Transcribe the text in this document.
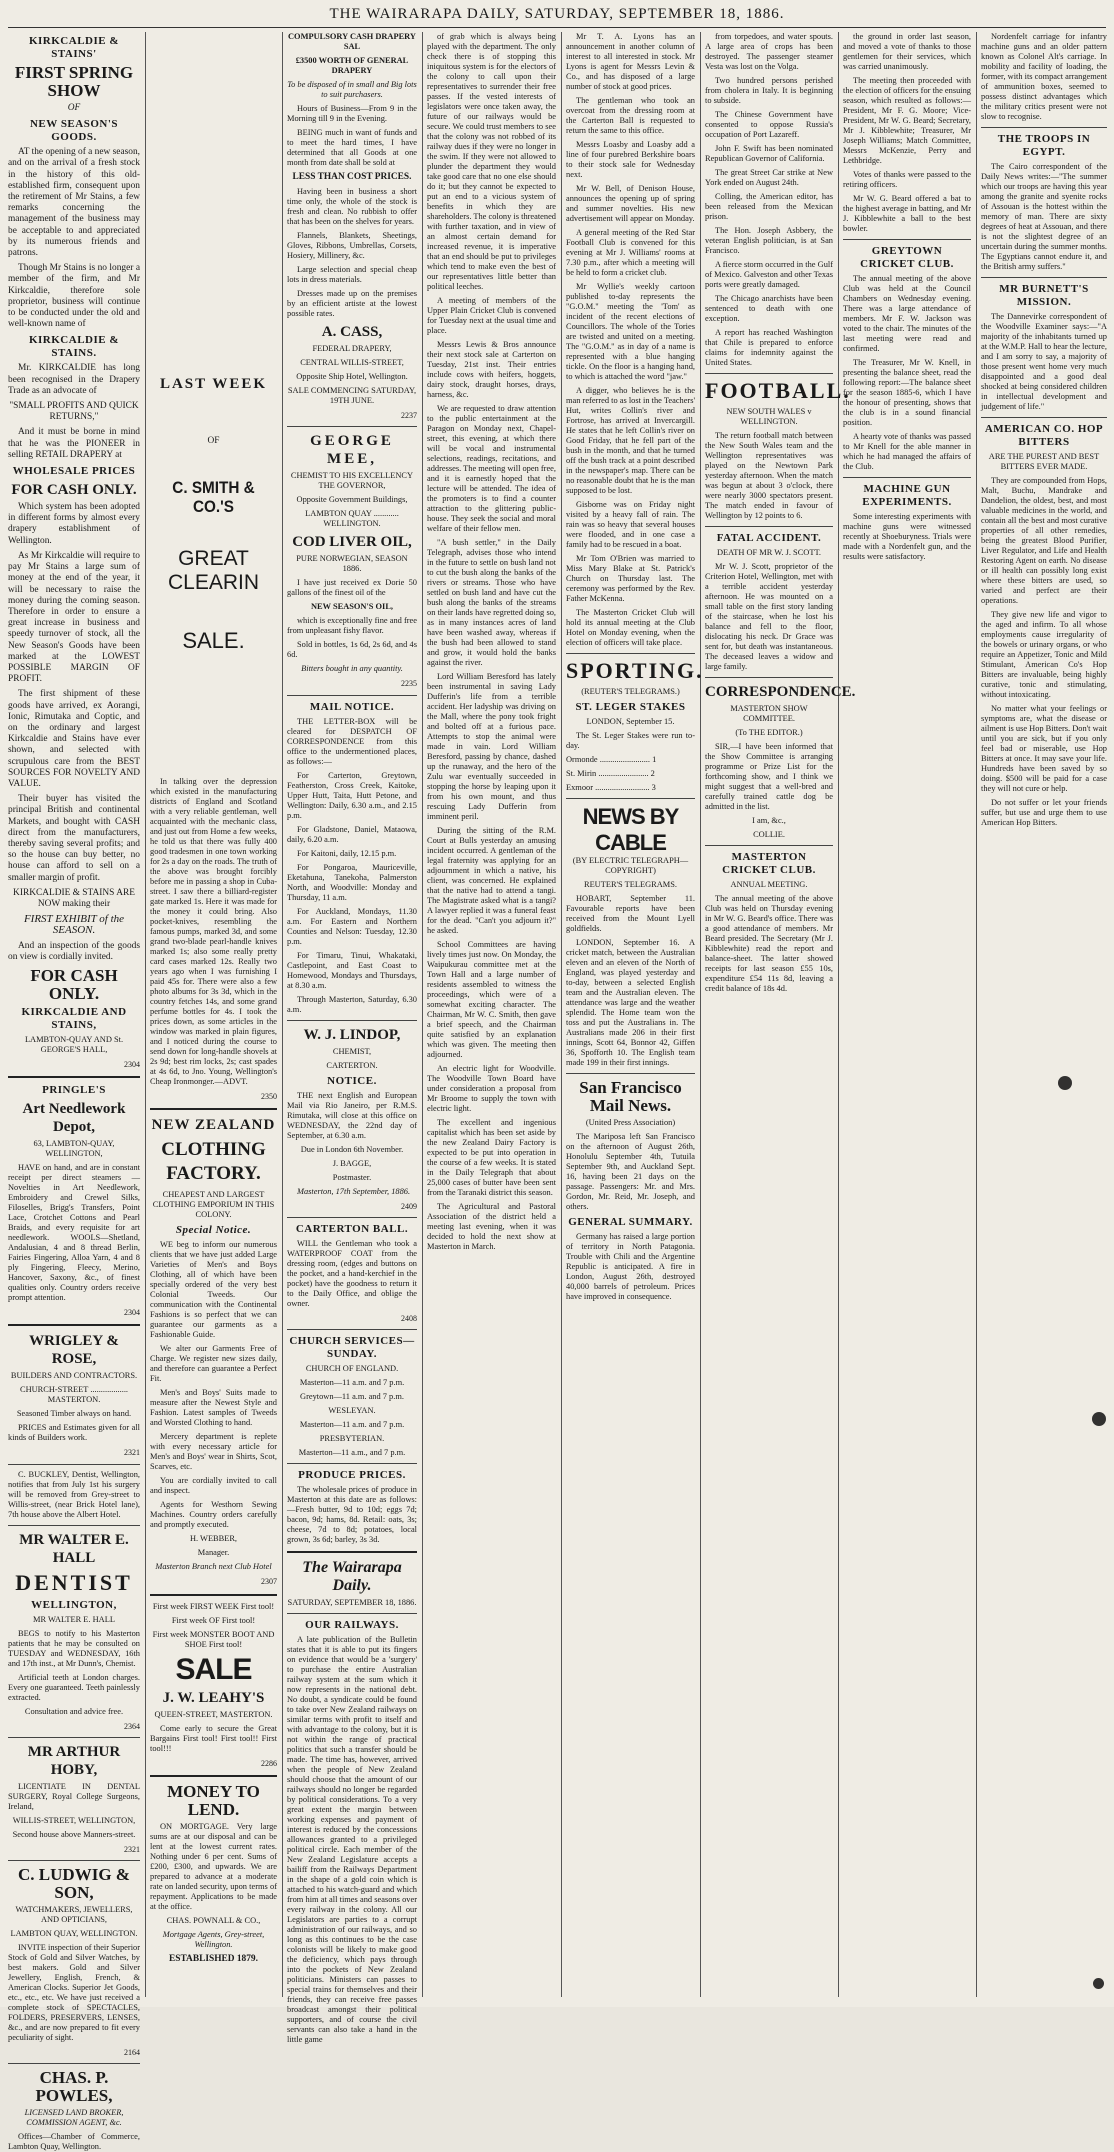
THE WAIRARAPA DAILY, SATURDAY, SEPTEMBER 18, 1886.
KIRKCALDIE & STAINS'
FIRST SPRING SHOW

OF

NEW SEASON'S GOODS.

AT the opening of a new season, and on the arrival of a fresh stock in the history of this old-established firm, consequent upon the retirement of Mr Stains, a few remarks concerning the management of the business may be acceptable to and appreciated by its numerous friends and patrons.

Though Mr Stains is no longer a member of the firm, and Mr Kirkcaldie, therefore sole proprietor, business will continue to be conducted under the old and well-known name of

KIRKCALDIE & STAINS.

Mr. KIRKCALDIE has long been recognised in the Drapery Trade as an advocate of

"SMALL PROFITS AND QUICK RETURNS,"

And it must be borne in mind that he was the PIONEER in selling RETAIL DRAPERY at

WHOLESALE PRICES
FOR CASH ONLY.

Which system has been adopted in different forms by almost every drapery establishment of Wellington.

As Mr Kirkcaldie will require to pay Mr Stains a large sum of money at the end of the year, it will be necessary to raise the money during the coming season. Therefore in order to ensure a great increase in business and speedy turnover of stock, all the New Season's Goods have been marked at the LOWEST POSSIBLE MARGIN OF PROFIT.

The first shipment of these goods have arrived, ex Aorangi, Ionic, Rimutaka and Coptic, and on the ordinary and largest Kirkcaldie and Stains have ever shown, and selected with scrupulous care from the BEST SOURCES FOR NOVELTY AND VALUE.

Their buyer has visited the principal British and continental Markets, and bought with CASH direct from the manufacturers, thereby saving several profits; and so the house can buy better, no house can afford to sell on a smaller margin of profit.

KIRKCALDIE & STAINS ARE NOW making their

FIRST EXHIBIT of the SEASON.

And an inspection of the goods on view is cordially invited.

FOR CASH ONLY.
KIRKCALDIE AND STAINS,

LAMBTON-QUAY AND St. GEORGE'S HALL,

2304
PRINGLE'S
Art Needlework Depot,

63, LAMBTON-QUAY, WELLINGTON,

HAVE on hand, and are in constant receipt per direct steamers — Novelties in Art Needlework, Embroidery and Crewel Silks, Filoselles, Brigg's Transfers, Point Lace, Crotchet Cottons and Pearl Braids, and every requisite for art needlework. WOOLS—Shetland, Andalusian, 4 and 8 thread Berlin, Fairies Fingering, Alloa Yarn, 4 and 8 ply Fingering, Fleecy, Merino, Hancover, Saxony, &c., of finest qualities only. Country orders receive prompt attention.

2304
WRIGLEY & ROSE,

BUILDERS AND CONTRACTORS.

CHURCH-STREET .................. MASTERTON.

Seasoned Timber always on hand.

PRICES and Estimates given for all kinds of Builders work.

2321

C. BUCKLEY, Dentist, Wellington, notifies that from July 1st his surgery will be removed from Grey-street to Willis-street, (near Brick Hotel lane), 7th house above the Albert Hotel.

MR WALTER E. HALL
DENTIST
WELLINGTON,

MR WALTER E. HALL

BEGS to notify to his Masterton patients that he may be consulted on TUESDAY and WEDNESDAY, 16th and 17th inst., at Mr Dunn's, Chemist.

Artificial teeth at London charges. Every one guaranteed. Teeth painlessly extracted.

Consultation and advice free.

2364
MR ARTHUR HOBY,

LICENTIATE IN DENTAL SURGERY, Royal College Surgeons, Ireland,

WILLIS-STREET, WELLINGTON,

Second house above Manners-street.

2321
C. LUDWIG & SON,

WATCHMAKERS, JEWELLERS, AND OPTICIANS,

LAMBTON QUAY, WELLINGTON.

INVITE inspection of their Superior Stock of Gold and Silver Watches, by best makers. Gold and Silver Jewellery, English, French, & American Clocks. Superior Jet Goods, etc., etc., etc. We have just received a complete stock of SPECTACLES, FOLDERS, PRESERVERS, LENSES, &c., and are now prepared to fit every peculiarity of sight.

2164
CHAS. P. POWLES,

LICENSED LAND BROKER, COMMISSION AGENT, &c.

Offices—Chamber of Commerce, Lambton Quay, Wellington.

LAST WEEK

OF

C. SMITH & CO.'S
GREAT CLEARIN
SALE.

In talking over the depression which existed in the manufacturing districts of England and Scotland with a very reliable gentleman, well acquainted with the mechanic class, and just out from Home a few weeks, he told us that there was fully 400 good tradesmen in one town working for 2s a day on the roads. The truth of the above was brought forcibly before me in passing a shop in Cuba-street. I saw there a billiard-register gate marked 1s. Here it was made for the money it could bring. Also pocket-knives, resembling the famous pumps, marked 3d, and some grand two-blade pearl-handle knives marked 1s; also some really pretty card cases marked 12s. Really two years ago when I was furnishing I paid 45s for. There were also a few photo albums for 3s 3d, which in the country fetches 14s, and some grand perfume bottles for 4s. I took the prices down, as some articles in the window was marked in plain figures, and I noticed during the course to send down for long-handle shovels at 2s 9d; best rim locks, 2s; cast spades at 4s 6d, to Jno. Young, Wellington's Cheap Ironmonger.—ADVT.

2350
NEW ZEALAND
CLOTHING FACTORY.

CHEAPEST AND LARGEST CLOTHING EMPORIUM IN THIS COLONY.

Special Notice.

WE beg to inform our numerous clients that we have just added Large Varieties of Men's and Boys Clothing, all of which have been specially ordered of the very best Colonial Tweeds. Our communication with the Continental Fashions is so perfect that we can guarantee our garments as a Fashionable Guide.

We alter our Garments Free of Charge. We register new sizes daily, and therefore can guarantee a Perfect Fit.

Men's and Boys' Suits made to measure after the Newest Style and Fashion. Latest samples of Tweeds and Worsted Clothing to hand.

Mercery department is replete with every necessary article for Men's and Boys' wear in Shirts, Scot, Scarves, etc.

You are cordially invited to call and inspect.

Agents for Westhorn Sewing Machines. Country orders carefully and promptly executed.

H. WEBBER,

Manager.

Masterton Branch next Club Hotel

2307

First week FIRST WEEK First tool!

First week OF First tool!

First week MONSTER BOOT AND SHOE First tool!

SALE
J. W. LEAHY'S

QUEEN-STREET, MASTERTON.

Come early to secure the Great Bargains First tool! First tool!! First tool!!!

2286
MONEY TO LEND.

ON MORTGAGE. Very large sums are at our disposal and can be lent at the lowest current rates. Nothing under 6 per cent. Sums of £200, £300, and upwards. We are prepared to advance at a moderate rate on landed security, upon terms of repayment. Applications to be made at the office.

CHAS. POWNALL & CO.,

Mortgage Agents, Grey-street, Wellington.

ESTABLISHED 1879.

COMPULSORY CASH DRAPERY SAL

£3500 WORTH OF GENERAL DRAPERY

To be disposed of in small and Big lots to suit purchasers.

Hours of Business—From 9 in the Morning till 9 in the Evening.

BEING much in want of funds and to meet the hard times, I have determined that all Goods at one month from date shall be sold at

LESS THAN COST PRICES.

Having been in business a short time only, the whole of the stock is fresh and clean. No rubbish to offer that has been on the shelves for years.

Flannels, Blankets, Sheetings, Gloves, Ribbons, Umbrellas, Corsets, Hosiery, Millinery, &c.

Large selection and special cheap lots in dress materials.

Dresses made up on the premises by an efficient artiste at the lowest possible rates.

A. CASS,

FEDERAL DRAPERY,

CENTRAL WILLIS-STREET,

Opposite Ship Hotel, Wellington.

SALE COMMENCING SATURDAY, 19TH JUNE.

2237
GEORGE MEE,

CHEMIST TO HIS EXCELLENCY THE GOVERNOR,

Opposite Government Buildings,

LAMBTON QUAY ............ WELLINGTON.

COD LIVER OIL,

PURE NORWEGIAN, SEASON 1886.

I have just received ex Dorie 50 gallons of the finest oil of the

NEW SEASON'S OIL,

which is exceptionally fine and free from unpleasant fishy flavor.

Sold in bottles, 1s 6d, 2s 6d, and 4s 6d.

Bitters bought in any quantity.

2235
MAIL NOTICE.

THE LETTER-BOX will be cleared for DESPATCH OF CORRESPONDENCE from this office to the undermentioned places, as follows:—

For Carterton, Greytown, Featherston, Cross Creek, Kaitoke, Upper Hutt, Taita, Hutt Petone, and Wellington: Daily, 6.30 a.m., and 2.15 p.m.

For Gladstone, Daniel, Mataowa, daily, 6.20 a.m.

For Kaitoni, daily, 12.15 p.m.

For Pongaroa, Mauriceville, Eketahuna, Tanekoha, Palmerston North, and Woodville: Monday and Thursday, 11 a.m.

For Auckland, Mondays, 11.30 a.m. For Eastern and Northern Counties and Nelson: Tuesday, 12.30 p.m.

For Timaru, Tinui, Whakataki, Castlepoint, and East Coast to Homewood, Mondays and Thursdays, at 8.30 a.m.

Through Masterton, Saturday, 6.30 a.m.

W. J. LINDOP,

CHEMIST,

CARTERTON.

NOTICE.

THE next English and European Mail via Rio Janeiro, per R.M.S. Rimutaka, will close at this office on WEDNESDAY, the 22nd day of September, at 6.30 a.m.

Due in London 6th November.

J. BAGGE,

Postmaster.

Masterton, 17th September, 1886.

2409
CARTERTON BALL.

WILL the Gentleman who took a WATERPROOF COAT from the dressing room, (edges and buttons on the pocket, and a hand-kerchief in the pocket) have the goodness to return it to the Daily Office, and oblige the owner.

2408
CHURCH SERVICES—SUNDAY.

CHURCH OF ENGLAND.

Masterton—11 a.m. and 7 p.m.

Greytown—11 a.m. and 7 p.m.

WESLEYAN.

Masterton—11 a.m. and 7 p.m.

PRESBYTERIAN.

Masterton—11 a.m., and 7 p.m.

PRODUCE PRICES.

The wholesale prices of produce in Masterton at this date are as follows:—Fresh butter, 9d to 10d; eggs 7d; bacon, 9d; hams, 8d. Retail: oats, 3s; cheese, 7d to 8d; potatoes, local grown, 3s 6d; barley, 3s 3d.

The Wairarapa Daily.

SATURDAY, SEPTEMBER 18, 1886.

OUR RAILWAYS.

A late publication of the Bulletin states that it is able to put its fingers on evidence that would be a 'surgery' to purchase the entire Australian railway system at the sum which it now represents in the national debt. No doubt, a syndicate could be found to take over New Zealand railways on similar terms with profit to itself and with advantage to the colony, but it is not within the range of practical politics that such a transfer should be made. The time has, however, arrived when the people of New Zealand should choose that the amount of our railways should no longer be regarded by political considerations. To a very great extent the margin between working expenses and payment of interest is reduced by the concessions allowances granted to a privileged political circle. Each member of the New Zealand Legislature accepts a bailiff from the Railways Department in the shape of a gold coin which is attached to his watch-guard and which from him at all times and seasons over every railway in the colony. All our Legislators are parties to a corrupt administration of our railways, and so long as this continues to be the case colonists will be likely to make good the deficiency, which pays through into the pockets of New Zealand politicians. Ministers can passes to special trains for themselves and their friends, they can receive free passes broadcast amongst their political supporters, and of course the civil servants can also take a hand in the little game

of grab which is always being played with the department. The only check there is of stopping this iniquitous system is for the electors of the colony to call upon their representatives to surrender their free passes. If the vested interests of legislators were once taken away, the future of our railways would be secure. We could trust members to see that the colony was not robbed of its railway dues if they were no longer in the swim. If they were not allowed to plunder the department they would take good care that no one else should do it; but they cannot be expected to put an end to a vicious system of benefits in which they are shareholders. The colony is threatened with further taxation, and in view of an almost certain demand for increased revenue, it is imperative that an end should be put to privileges which tend to make even the best of our representatives little better than political leeches.

A meeting of members of the Upper Plain Cricket Club is convened for Tuesday next at the usual time and place.

Messrs Lewis & Bros announce their next stock sale at Carterton on Tuesday, 21st inst. Their entries include cows with heifers, hoggets, dairy stock, draught horses, drays, harness, &c.

We are requested to draw attention to the public entertainment at the Paragon on Monday next, Chapel-street, this evening, at which there will be vocal and instrumental selections, readings, recitations, and addresses. The meeting will open free, and it is earnestly hoped that the lecture will be attended. The idea of the promoters is to find a counter attraction to the glittering public-house. They seek the social and moral welfare of their fellow men.

"A bush settler," in the Daily Telegraph, advises those who intend in the future to settle on bush land not to cut the bush along the banks of the rivers or streams. Those who have settled on bush land and have cut the bush along the banks of the streams on their lands have regretted doing so, as in many instances acres of land have been washed away, whereas if the bush had been allowed to stand and grow, it would hold the banks against the river.

Lord William Beresford has lately been instrumental in saving Lady Dufferin's life from a terrible accident. Her ladyship was driving on the Mall, where the pony took fright and bolted off at a furious pace. Attempts to stop the animal were made in vain. Lord William Beresford, passing by chance, dashed up the runaway, and the hero of the Zulu war eventually succeeded in stopping the horse by leaping upon it from his own mount, and thus rescuing Lady Dufferin from imminent peril.

During the sitting of the R.M. Court at Bulls yesterday an amusing incident occurred. A gentleman of the legal fraternity was applying for an adjournment in which a native, his client, was concerned. He explained that the native had to attend a tangi. The Magistrate asked what is a tangi? A lawyer replied it was a funeral feast for the dead. "Can't you adjourn it?" he asked.

School Committees are having lively times just now. On Monday, the Waipukurau committee met at the Town Hall and a large number of residents assembled to witness the proceedings, which were of a somewhat exciting character. The Chairman, Mr W. C. Smith, then gave a brief speech, and the Chairman quite satisfied by an explanation which was given. The meeting then adjourned.

An electric light for Woodville. The Woodville Town Board have under consideration a proposal from Mr Broome to supply the town with electric light.

The excellent and ingenious capitalist which has been set aside by the new Zealand Dairy Factory is expected to be put into operation in the course of a few weeks. It is stated in the Daily Telegraph that about 25,000 cases of butter have been sent from the Taranaki district this season.

The Agricultural and Pastoral Association of the district held a meeting last evening, when it was decided to hold the next show at Masterton in March.

Mr T. A. Lyons has an announcement in another column of interest to all interested in stock. Mr Lyons is agent for Messrs Levin & Co., and has disposed of a large number of stock at good prices.

The gentleman who took an overcoat from the dressing room at the Carterton Ball is requested to return the same to this office.

Messrs Loasby and Loasby add a line of four purebred Berkshire boars to their stock sale for Wednesday next.

Mr W. Bell, of Denison House, announces the opening up of spring and summer novelties. His new advertisement will appear on Monday.

A general meeting of the Red Star Football Club is convened for this evening at Mr J. Williams' rooms at 7.30 p.m., after which a meeting will be held to form a cricket club.

Mr Wyllie's weekly cartoon published to-day represents the "G.O.M." meeting the 'Tom' as incident of the recent elections of Councillors. The whole of the Tories are twisted and united on a meeting. The "G.O.M." as in day of a name is represented with a blue hanging tickle. On the floor is a hanging hand, to which is attached the word "jaw."

A digger, who believes he is the man referred to as lost in the Teachers' Hut, writes Collin's river and Fortrose, has arrived at Invercargill. He states that he left Collin's river on Good Friday, that he fell part of the bush in the month, and that he turned off the bush track at a point described in the newspaper's map. There can be no reasonable doubt that he is the man supposed to be lost.

Gisborne was on Friday night visited by a heavy fall of rain. The rain was so heavy that several houses were flooded, and in one case a family had to be rescued in a boat.

Mr Tom O'Brien was married to Miss Mary Blake at St. Patrick's Church on Thursday last. The ceremony was performed by the Rev. Father McKenna.

The Masterton Cricket Club will hold its annual meeting at the Club Hotel on Monday evening, when the election of officers will take place.

SPORTING.

(REUTER'S TELEGRAMS.)

ST. LEGER STAKES

LONDON, September 15.

The St. Leger Stakes were run to-day.

Ormonde ........................ 1

St. Mirin ........................ 2

Exmoor .......................... 3

NEWS BY CABLE

(BY ELECTRIC TELEGRAPH—COPYRIGHT)

REUTER'S TELEGRAMS.

HOBART, September 11. Favourable reports have been received from the Mount Lyell goldfields.

LONDON, September 16. A cricket match, between the Australian eleven and an eleven of the North of England, was played yesterday and to-day, between a selected English team and the Australian eleven. The attendance was large and the weather splendid. The Home team won the toss and put the Australians in. The Australians made 206 in their first innings, Scott 64, Bonnor 42, Giffen 36, Spofforth 10. The English team made 199 in their first innings.

San Francisco Mail News.

(United Press Association)

The Mariposa left San Francisco on the afternoon of August 26th, Honolulu September 4th, Tutuila September 9th, and Auckland Sept. 16, having been 21 days on the passage. Passengers: Mr. and Mrs. Gordon, Mr. Reid, Mr. Joseph, and others.

GENERAL SUMMARY.

Germany has raised a large portion of territory in North Patagonia. Trouble with Chili and the Argentine Republic is anticipated. A fire in London, August 26th, destroyed 40,000 barrels of petroleum. Prices have improved in consequence.

from torpedoes, and water spouts. A large area of crops has been destroyed. The passenger steamer Vesta was lost on the Volga.

Two hundred persons perished from cholera in Italy. It is beginning to subside.

The Chinese Government have consented to oppose Russia's occupation of Port Lazareff.

John F. Swift has been nominated Republican Governor of California.

The great Street Car strike at New York ended on August 24th.

Colling, the American editor, has been released from the Mexican prison.

The Hon. Joseph Asbbery, the veteran English politician, is at San Francisco.

A fierce storm occurred in the Gulf of Mexico. Galveston and other Texas ports were greatly damaged.

The Chicago anarchists have been sentenced to death with one exception.

A report has reached Washington that Chile is prepared to enforce claims for indemnity against the United States.

FOOTBALL.

NEW SOUTH WALES v WELLINGTON.

The return football match between the New South Wales team and the Wellington representatives was played on the Newtown Park yesterday afternoon. When the match was begun at about 3 o'clock, there were nearly 3000 spectators present. The match ended in favour of Wellington by 12 points to 6.

FATAL ACCIDENT.

DEATH OF MR W. J. SCOTT.

Mr W. J. Scott, proprietor of the Criterion Hotel, Wellington, met with a terrible accident yesterday afternoon. He was mounted on a small table on the first story landing of the staircase, when he lost his balance and fell to the floor, dislocating his neck. Dr Grace was sent for, but death was instantaneous. The deceased leaves a widow and large family.

CORRESPONDENCE.

MASTERTON SHOW COMMITTEE.

(To THE EDITOR.)

SIR,—I have been informed that the Show Committee is arranging programme or Prize List for the forthcoming show, and I think we might suggest that a well-bred and carefully trained cattle dog be admitted in the list.

I am, &c.,

COLLIE.

MASTERTON CRICKET CLUB.

ANNUAL MEETING.

The annual meeting of the above Club was held on Thursday evening in Mr W. G. Beard's office. There was a good attendance of members. Mr Beard presided. The Secretary (Mr J. Kibblewhite) read the report and balance-sheet. The latter showed receipts for last season £55 10s, expenditure £54 11s 8d, leaving a credit balance of 18s 4d.

the ground in order last season, and moved a vote of thanks to those gentlemen for their services, which was carried unanimously.

The meeting then proceeded with the election of officers for the ensuing season, which resulted as follows:—President, Mr F. G. Moore; Vice-President, Mr W. G. Beard; Secretary, Mr J. Kibblewhite; Treasurer, Mr Joseph Williams; Match Committee, Messrs McKenzie, Perry and Lethbridge.

Votes of thanks were passed to the retiring officers.

Mr W. G. Beard offered a bat to the highest average in batting, and Mr J. Kibblewhite a ball to the best bowler.

GREYTOWN CRICKET CLUB.

The annual meeting of the above Club was held at the Council Chambers on Wednesday evening. There was a large attendance of members. Mr F. W. Jackson was voted to the chair. The minutes of the last meeting were read and confirmed.

The Treasurer, Mr W. Knell, in presenting the balance sheet, read the following report:—The balance sheet for the season 1885-6, which I have the honour of presenting, shows that the club is in a sound financial position.

A hearty vote of thanks was passed to Mr Knell for the able manner in which he had managed the affairs of the Club.

MACHINE GUN EXPERIMENTS.

Some interesting experiments with machine guns were witnessed recently at Shoeburyness. Trials were made with a Nordenfelt gun, and the results were satisfactory.

Nordenfelt carriage for infantry machine guns and an older pattern known as Colonel Alt's carriage. In mobility and facility of loading, the former, with its compact arrangement of ammunition boxes, seemed to possess distinct advantages which the military critics present were not slow to recognise.

THE TROOPS IN EGYPT.

The Cairo correspondent of the Daily News writes:—"The summer which our troops are having this year among the granite and syenite rocks of Assouan is the hottest within the memory of man. There are sixty degrees of heat at Assouan, and there is not the slightest degree of an uncertain during the summer months. The Egyptians cannot endure it, and the British army suffers."

MR BURNETT'S MISSION.

The Dannevirke correspondent of the Woodville Examiner says:—"A majority of the inhabitants turned up at the W.M.P. Hall to hear the lecture, and I am sorry to say, a majority of those present went home very much disappointed and a good deal shocked at being considered children in intellectual development and judgement of life."

AMERICAN CO. HOP BITTERS

ARE THE PUREST AND BEST BITTERS EVER MADE.

They are compounded from Hops, Malt, Buchu, Mandrake and Dandelion, the oldest, best, and most valuable medicines in the world, and contain all the best and most curative properties of all other remedies, being the greatest Blood Purifier, Liver Regulator, and Life and Health Restoring Agent on earth. No disease or ill health can possibly long exist where these bitters are used, so varied and perfect are their operations.

They give new life and vigor to the aged and infirm. To all whose employments cause irregularity of the bowels or urinary organs, or who require an Appetizer, Tonic and Mild Stimulant, American Co's Hop Bitters are invaluable, being highly curative, tonic and stimulating, without intoxicating.

No matter what your feelings or symptoms are, what the disease or ailment is use Hop Bitters. Don't wait until you are sick, but if you only feel bad or miserable, use Hop Bitters at once. It may save your life. Hundreds have been saved by so doing. $500 will be paid for a case they will not cure or help.

Do not suffer or let your friends suffer, but use and urge them to use American Hop Bitters.
